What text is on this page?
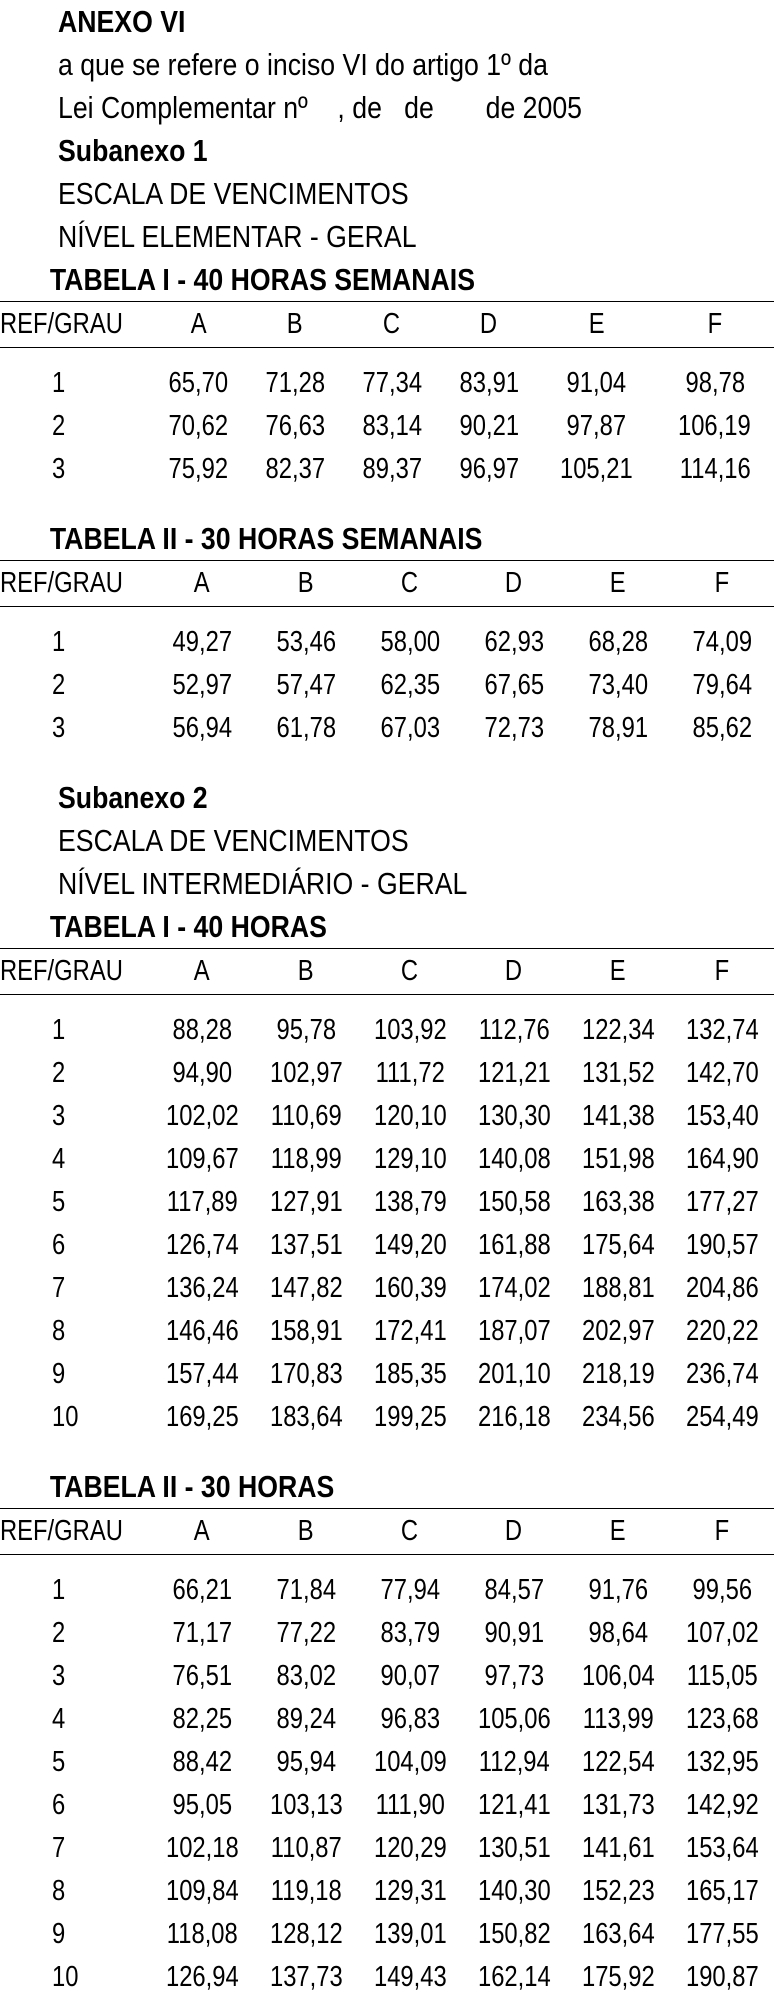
ANEXO VI
a que se refere o inciso VI do artigo 1º da
Lei Complementar nº    , de   de       de 2005
Subanexo 1
ESCALA DE VENCIMENTOS
NÍVEL ELEMENTAR - GERAL
TABELA I - 40 HORAS SEMANAIS
REF/GRAU	A	B	C	D	E	F
1	65,70	71,28	77,34	83,91	91,04	98,78
2	70,62	76,63	83,14	90,21	97,87	106,19
3	75,92	82,37	89,37	96,97	105,21	114,16
TABELA II - 30 HORAS SEMANAIS
REF/GRAU	A	B	C	D	E	F
1	49,27	53,46	58,00	62,93	68,28	74,09
2	52,97	57,47	62,35	67,65	73,40	79,64
3	56,94	61,78	67,03	72,73	78,91	85,62
Subanexo 2
ESCALA DE VENCIMENTOS
NÍVEL INTERMEDIÁRIO - GERAL
TABELA I - 40 HORAS
REF/GRAU	A	B	C	D	E	F
1	88,28	95,78	103,92	112,76	122,34	132,74
2	94,90	102,97	111,72	121,21	131,52	142,70
3	102,02	110,69	120,10	130,30	141,38	153,40
4	109,67	118,99	129,10	140,08	151,98	164,90
5	117,89	127,91	138,79	150,58	163,38	177,27
6	126,74	137,51	149,20	161,88	175,64	190,57
7	136,24	147,82	160,39	174,02	188,81	204,86
8	146,46	158,91	172,41	187,07	202,97	220,22
9	157,44	170,83	185,35	201,10	218,19	236,74
10	169,25	183,64	199,25	216,18	234,56	254,49
TABELA II - 30 HORAS
REF/GRAU	A	B	C	D	E	F
1	66,21	71,84	77,94	84,57	91,76	99,56
2	71,17	77,22	83,79	90,91	98,64	107,02
3	76,51	83,02	90,07	97,73	106,04	115,05
4	82,25	89,24	96,83	105,06	113,99	123,68
5	88,42	95,94	104,09	112,94	122,54	132,95
6	95,05	103,13	111,90	121,41	131,73	142,92
7	102,18	110,87	120,29	130,51	141,61	153,64
8	109,84	119,18	129,31	140,30	152,23	165,17
9	118,08	128,12	139,01	150,82	163,64	177,55
10	126,94	137,73	149,43	162,14	175,92	190,87
